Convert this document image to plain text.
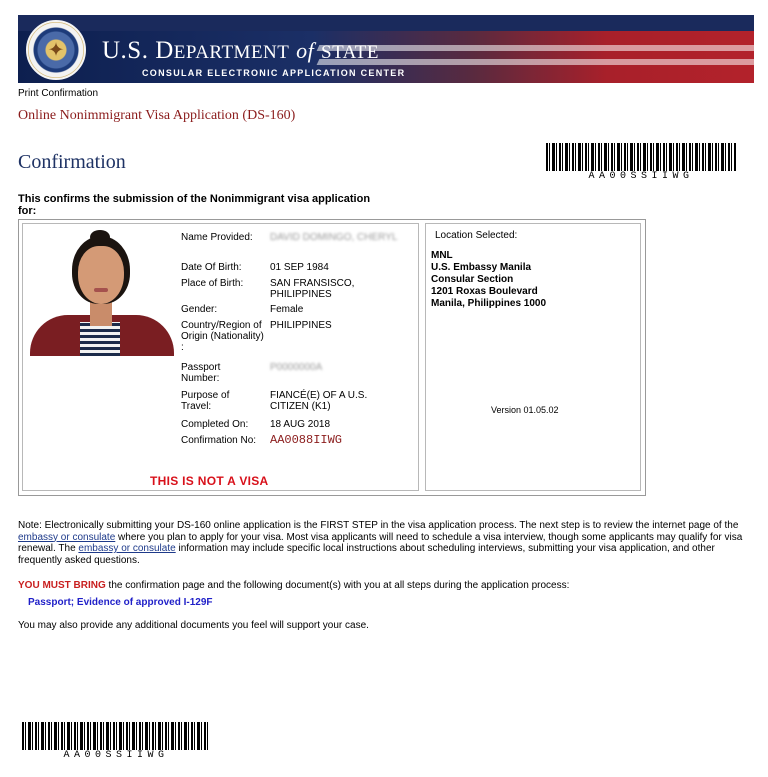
✦ U.S. DEPARTMENT of STATE
CONSULAR ELECTRONIC APPLICATION CENTER
Print Confirmation
Online Nonimmigrant Visa Application (DS-160)
Confirmation
AA00SSIIWG
This confirms the submission of the Nonimmigrant visa application for:
Name Provided:	DAVID DOMINGO, CHERYL
Date Of Birth:	01 SEP 1984
Place of Birth:	SAN FRANSISCO, PHILIPPINES
Gender:	Female
Country/Region of Origin (Nationality) :
PHILIPPINES
Passport Number:
P0000000A
Purpose of Travel:
FIANCÉ(E) OF A U.S. CITIZEN (K1)
Completed On: 18 AUG 2018
Confirmation No:	AA0088IIWG
THIS IS NOT A VISA
Location Selected:
MNL
U.S. Embassy Manila
Consular Section
1201 Roxas Boulevard
Manila, Philippines 1000
Version 01.05.02
Note: Electronically submitting your DS-160 online application is the FIRST STEP in the visa application process. The next step is to review the internet page of the embassy or consulate where you plan to apply for your visa. Most visa applicants will need to schedule a visa interview, though some applicants may qualify for visa renewal. The embassy or consulate information may include specific local instructions about scheduling interviews, submitting your visa application, and other frequently asked questions.
YOU MUST BRING the confirmation page and the following document(s) with you at all steps during the application process:
Passport; Evidence of approved I-129F
You may also provide any additional documents you feel will support your case.
AA00SSIIWG
